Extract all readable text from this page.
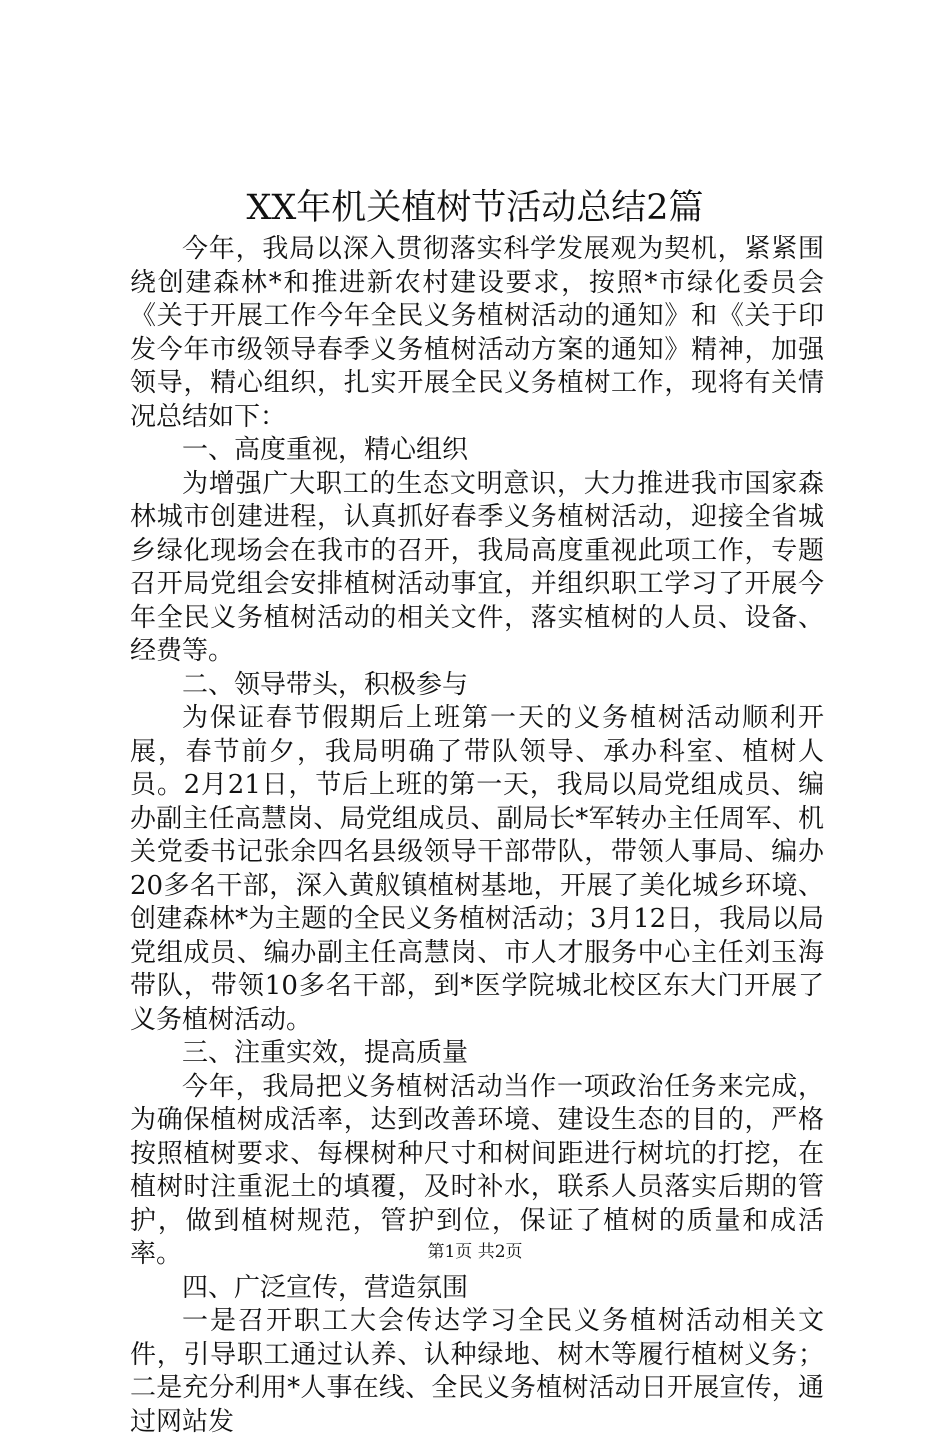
XX年机关植树节活动总结2篇

今年，我局以深入贯彻落实科学发展观为契机，紧紧围绕创建森林*和推进新农村建设要求，按照*市绿化委员会《关于开展工作今年全民义务植树活动的通知》和《关于印发今年市级领导春季义务植树活动方案的通知》精神，加强领导，精心组织，扎实开展全民义务植树工作，现将有关情况总结如下：

一、高度重视，精心组织

为增强广大职工的生态文明意识，大力推进我市国家森林城市创建进程，认真抓好春季义务植树活动，迎接全省城乡绿化现场会在我市的召开，我局高度重视此项工作，专题召开局党组会安排植树活动事宜，并组织职工学习了开展今年全民义务植树活动的相关文件，落实植树的人员、设备、经费等。

二、领导带头，积极参与

为保证春节假期后上班第一天的义务植树活动顺利开展，春节前夕，我局明确了带队领导、承办科室、植树人员。2月21日，节后上班的第一天，我局以局党组成员、编办副主任高慧岗、局党组成员、副局长*军转办主任周军、机关党委书记张余四名县级领导干部带队，带领人事局、编办20多名干部，深入黄舣镇植树基地，开展了美化城乡环境、创建森林*为主题的全民义务植树活动；3月12日，我局以局党组成员、编办副主任高慧岗、市人才服务中心主任刘玉海带队，带领10多名干部，到*医学院城北校区东大门开展了义务植树活动。

三、注重实效，提高质量

今年，我局把义务植树活动当作一项政治任务来完成，为确保植树成活率，达到改善环境、建设生态的目的，严格按照植树要求、每棵树种尺寸和树间距进行树坑的打挖，在植树时注重泥土的填覆，及时补水，联系人员落实后期的管护，做到植树规范，管护到位，保证了植树的质量和成活率。

四、广泛宣传，营造氛围

一是召开职工大会传达学习全民义务植树活动相关文件，引导职工通过认养、认种绿地、树木等履行植树义务；二是充分利用*人事在线、全民义务植树活动日开展宣传，通过网站发

第1页 共2页
